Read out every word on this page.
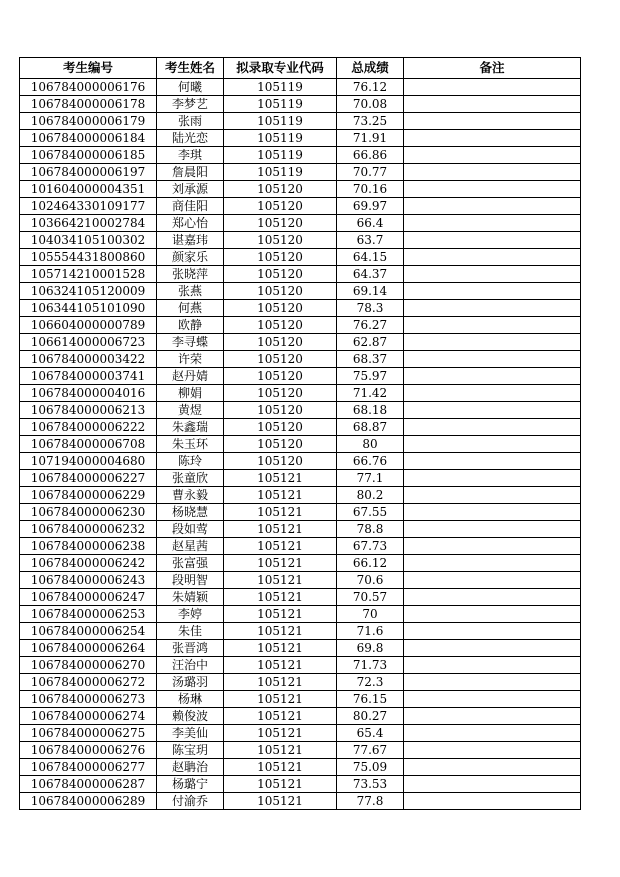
考生编号	考生姓名	拟录取专业代码	总成绩	备注
106784000006176	何曦	105119	76.12	
106784000006178	李梦艺	105119	70.08	
106784000006179	张雨	105119	73.25	
106784000006184	陆光恋	105119	71.91	
106784000006185	李琪	105119	66.86	
106784000006197	詹晨阳	105119	70.77	
101604000004351	刘承源	105120	70.16	
102464330109177	商佳阳	105120	69.97	
103664210002784	郑心怡	105120	66.4	
104034105100302	谌嘉玮	105120	63.7	
105554431800860	颜家乐	105120	64.15	
105714210001528	张晓萍	105120	64.37	
106324105120009	张燕	105120	69.14	
106344105101090	何燕	105120	78.3	
106604000000789	欧静	105120	76.27	
106614000006723	李寻蝶	105120	62.87	
106784000003422	许荣	105120	68.37	
106784000003741	赵丹婧	105120	75.97	
106784000004016	柳娟	105120	71.42	
106784000006213	黄煜	105120	68.18	
106784000006222	朱鑫瑞	105120	68.87	
106784000006708	朱玉环	105120	80	
107194000004680	陈玲	105120	66.76	
106784000006227	张童欣	105121	77.1	
106784000006229	曹永毅	105121	80.2	
106784000006230	杨晓慧	105121	67.55	
106784000006232	段如莺	105121	78.8	
106784000006238	赵星茜	105121	67.73	
106784000006242	张富强	105121	66.12	
106784000006243	段明智	105121	70.6	
106784000006247	朱婧颖	105121	70.57	
106784000006253	李婷	105121	70	
106784000006254	朱佳	105121	71.6	
106784000006264	张晋鸿	105121	69.8	
106784000006270	汪治中	105121	71.73	
106784000006272	汤璐羽	105121	72.3	
106784000006273	杨琳	105121	76.15	
106784000006274	赖俊波	105121	80.27	
106784000006275	李美仙	105121	65.4	
106784000006276	陈宝玥	105121	77.67	
106784000006277	赵聃治	105121	75.09	
106784000006287	杨璐宁	105121	73.53	
106784000006289	付渝乔	105121	77.8	
